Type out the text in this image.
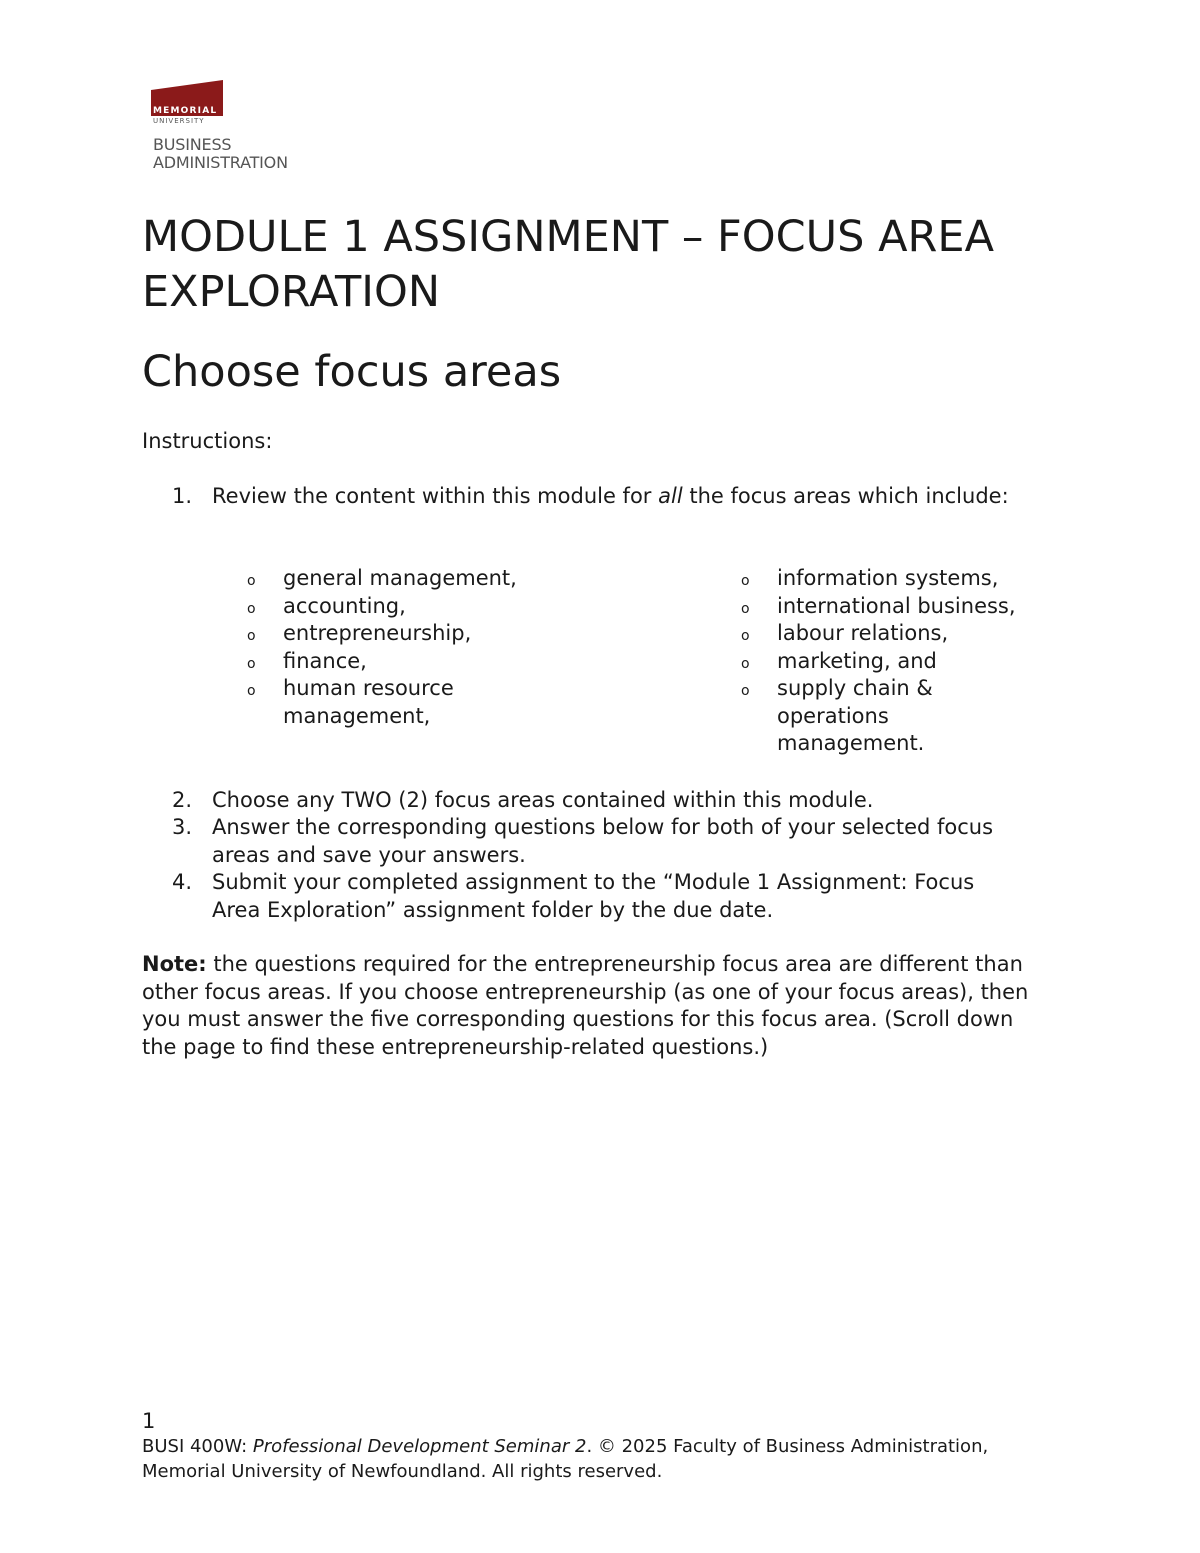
MEMORIAL
UNIVERSITY
BUSINESS
ADMINISTRATION
MODULE 1 ASSIGNMENT – FOCUS AREA EXPLORATION
Choose focus areas
Instructions:
1. Review the content within this module for all the focus areas which include:
o general management,
o accounting,
o entrepreneurship,
o finance,
o human resource management,
o information systems,
o international business,
o labour relations,
o marketing, and
o supply chain & operations management.
2. Choose any TWO (2) focus areas contained within this module.
3. Answer the corresponding questions below for both of your selected focus areas and save your answers.
4. Submit your completed assignment to the “Module 1 Assignment: Focus Area Exploration” assignment folder by the due date.
Note: the questions required for the entrepreneurship focus area are different than other focus areas. If you choose entrepreneurship (as one of your focus areas), then you must answer the five corresponding questions for this focus area. (Scroll down the page to find these entrepreneurship-related questions.)
1
BUSI 400W: Professional Development Seminar 2. © 2025 Faculty of Business Administration, Memorial University of Newfoundland. All rights reserved.
